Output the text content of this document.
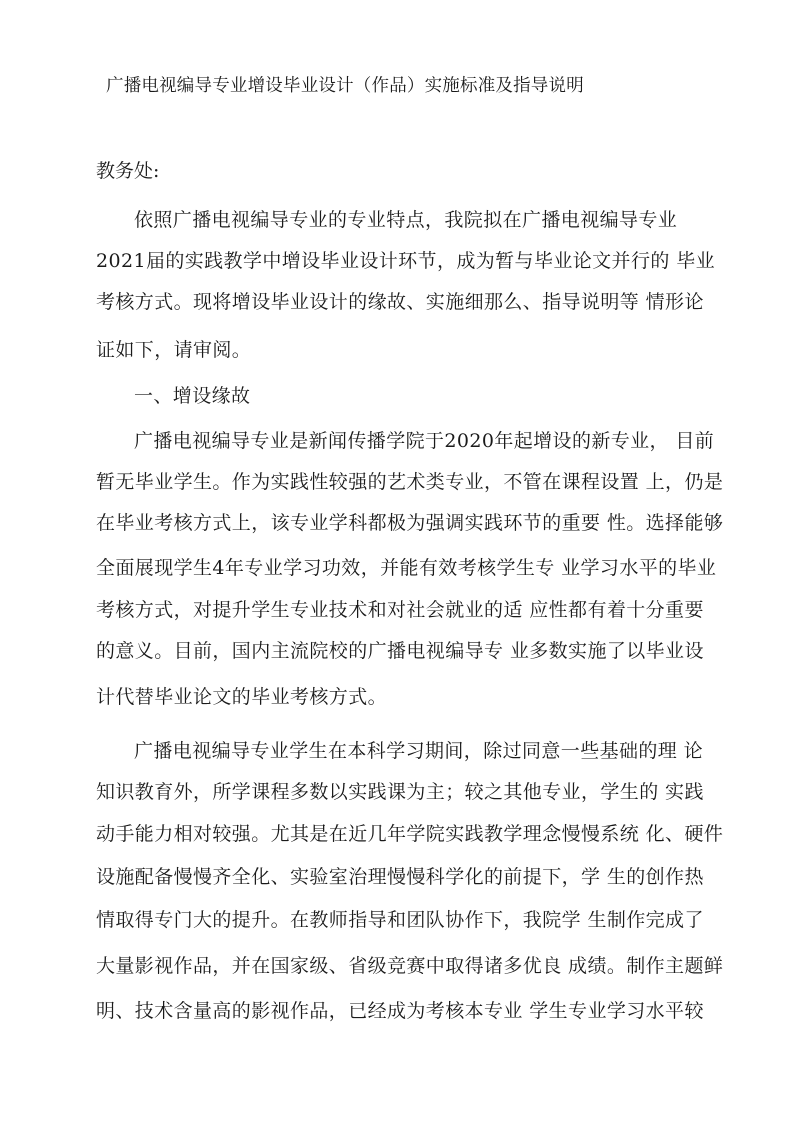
广播电视编导专业增设毕业设计（作品）实施标准及指导说明
教务处:
依照广播电视编导专业的专业特点，我院拟在广播电视编导专业
2021届的实践教学中增设毕业设计环节，成为暂与毕业论文并行的 毕业
考核方式。现将增设毕业设计的缘故、实施细那么、指导说明等 情形论
证如下，请审阅。
一、增设缘故
广播电视编导专业是新闻传播学院于2020年起增设的新专业， 目前
暂无毕业学生。作为实践性较强的艺术类专业，不管在课程设置 上，仍是
在毕业考核方式上，该专业学科都极为强调实践环节的重要 性。选择能够
全面展现学生4年专业学习功效，并能有效考核学生专 业学习水平的毕业
考核方式，对提升学生专业技术和对社会就业的适 应性都有着十分重要
的意义。目前，国内主流院校的广播电视编导专 业多数实施了以毕业设
计代替毕业论文的毕业考核方式。
广播电视编导专业学生在本科学习期间，除过同意一些基础的理 论
知识教育外，所学课程多数以实践课为主；较之其他专业，学生的 实践
动手能力相对较强。尤其是在近几年学院实践教学理念慢慢系统 化、硬件
设施配备慢慢齐全化、实验室治理慢慢科学化的前提下，学 生的创作热
情取得专门大的提升。在教师指导和团队协作下，我院学 生制作完成了
大量影视作品，并在国家级、省级竞赛中取得诸多优良 成绩。制作主题鲜
明、技术含量高的影视作品，已经成为考核本专业 学生专业学习水平较
